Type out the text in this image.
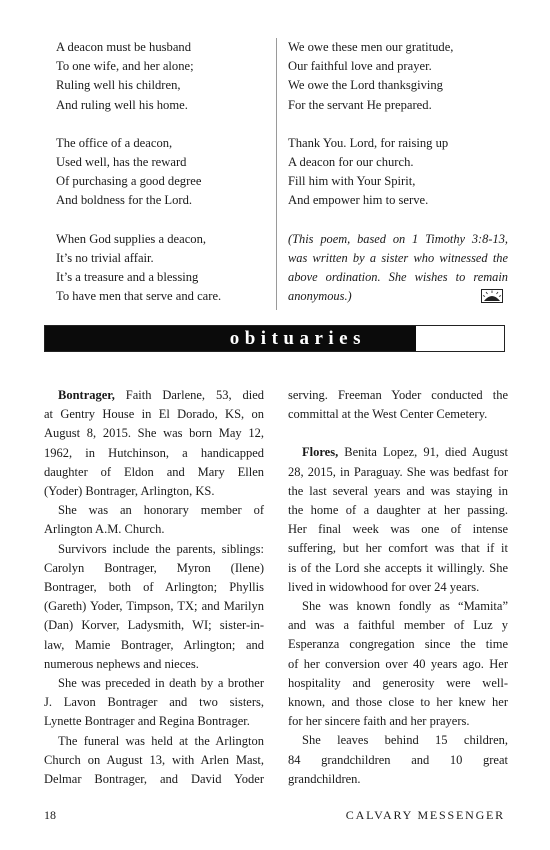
A deacon must be husband
To one wife, and her alone;
Ruling well his children,
And ruling well his home.
The office of a deacon,
Used well, has the reward
Of purchasing a good degree
And boldness for the Lord.
When God supplies a deacon,
It’s no trivial affair.
It’s a treasure and a blessing
To have men that serve and care.
We owe these men our gratitude,
Our faithful love and prayer.
We owe the Lord thanksgiving
For the servant He prepared.
Thank You. Lord, for raising up
A deacon for our church.
Fill him with Your Spirit,
And empower him to serve.
(This poem, based on 1 Timothy 3:8-13,
was written by a sister who witnessed the
above ordination. She wishes to remain
anonymous.)
obituaries
Bontrager, Faith Darlene, 53, died
at Gentry House in El Dorado, KS, on
August 8, 2015. She was born May 12,
1962, in Hutchinson, a handicapped
daughter of Eldon and Mary Ellen
(Yoder) Bontrager, Arlington, KS.
She was an honorary member of
Arlington A.M. Church.
Survivors include the parents, siblings:
Carolyn Bontrager, Myron (Ilene)
Bontrager, both of Arlington; Phyllis
(Gareth) Yoder, Timpson, TX; and Marilyn
(Dan) Korver, Ladysmith, WI; sister-in-
law, Mamie Bontrager, Arlington; and
numerous nephews and nieces.
She was preceded in death by a brother
J. Lavon Bontrager and two sisters,
Lynette Bontrager and Regina Bontrager.
The funeral was held at the Arlington
Church on August 13, with Arlen Mast,
Delmar Bontrager, and David Yoder
serving. Freeman Yoder conducted the
committal at the West Center Cemetery.
Flores, Benita Lopez, 91, died August
28, 2015, in Paraguay. She was bedfast for
the last several years and was staying in
the home of a daughter at her passing.
Her final week was one of intense
suffering, but her comfort was that if it
is of the Lord she accepts it willingly. She
lived in widowhood for over 24 years.
She was known fondly as “Mamita”
and was a faithful member of Luz y
Esperanza congregation since the time
of her conversion over 40 years ago. Her
hospitality and generosity were well-
known, and those close to her knew her
for her sincere faith and her prayers.
She leaves behind 15 children,
84 grandchildren and 10 great
grandchildren.
18	CALVARY MESSENGER
